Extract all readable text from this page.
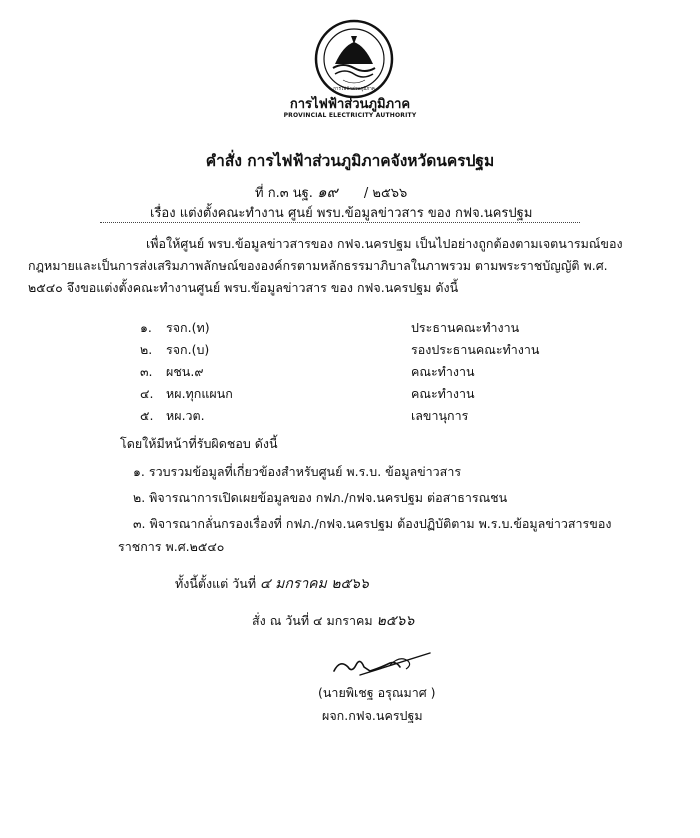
การไฟฟ้าส่วนภูมิภาค
การไฟฟ้าส่วนภูมิภาค
PROVINCIAL ELECTRICITY AUTHORITY
คำสั่ง การไฟฟ้าส่วนภูมิภาคจังหวัดนครปฐม
ที่ ก.๓ นฐ. ๑๙ / ๒๕๖๖
เรื่อง แต่งตั้งคณะทำงาน ศูนย์ พรบ.ข้อมูลข่าวสาร ของ กฟจ.นครปฐม
เพื่อให้ศูนย์ พรบ.ข้อมูลข่าวสารของ กฟจ.นครปฐม เป็นไปอย่างถูกต้องตามเจตนารมณ์ของ
กฎหมายและเป็นการส่งเสริมภาพลักษณ์ขององค์กรตามหลักธรรมาภิบาลในภาพรวม ตามพระราชบัญญัติ พ.ศ.
๒๕๔๐ จึงขอแต่งตั้งคณะทำงานศูนย์ พรบ.ข้อมูลข่าวสาร ของ กฟจ.นครปฐม ดังนี้
๑. รจก.(ท)	ประธานคณะทำงาน
๒. รจก.(บ)	รองประธานคณะทำงาน
๓. ผชน.๙	คณะทำงาน
๔. หผ.ทุกแผนก	คณะทำงาน
๕. หผ.วต.	เลขานุการ
โดยให้มีหน้าที่รับผิดชอบ ดังนี้
๑. รวบรวมข้อมูลที่เกี่ยวข้องสำหรับศูนย์ พ.ร.บ. ข้อมูลข่าวสาร
๒. พิจารณาการเปิดเผยข้อมูลของ กฟภ./กฟจ.นครปฐม ต่อสาธารณชน
๓. พิจารณากลั่นกรองเรื่องที่ กฟภ./กฟจ.นครปฐม ต้องปฏิบัติตาม พ.ร.บ.ข้อมูลข่าวสารของ
ราชการ พ.ศ.๒๕๔๐
ทั้งนี้ตั้งแต่ วันที่ ๔ มกราคม ๒๕๖๖
สั่ง ณ วันที่ ๔ มกราคม ๒๕๖๖
(นายพิเชฐ อรุณมาศ )
ผจก.กฟจ.นครปฐม
